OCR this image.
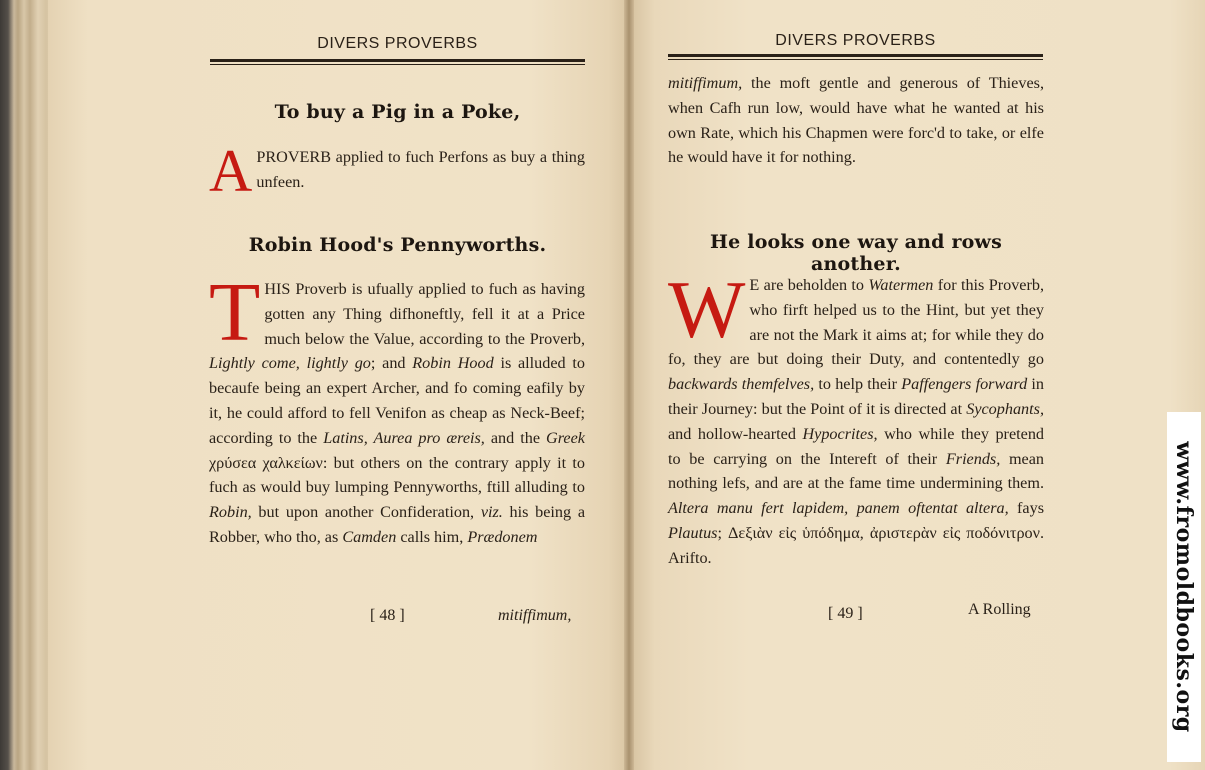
DIVERS PROVERBS
To buy a Pig in a Poke,
A PROVERB applied to fuch Perfons as buy a thing unfeen.
Robin Hood's Pennyworths.
T HIS Proverb is ufually applied to fuch as having gotten any Thing difhoneftly, fell it at a Price much below the Value, according to the Proverb, Lightly come, lightly go; and Robin Hood is alluded to becaufe being an expert Archer, and fo coming eafily by it, he could afford to fell Venifon as cheap as Neck-Beef; according to the Latins, Aurea pro æreis, and the Greek χρύσεα χαλκείων: but others on the contrary apply it to fuch as would buy lumping Pennyworths, ftill alluding to Robin, but upon another Confideration, viz. his being a Robber, who tho, as Camden calls him, Prædonem
[ 48 ]	mitiffimum,
DIVERS PROVERBS
mitiffimum, the moft gentle and generous of Thieves, when Cafh run low, would have what he wanted at his own Rate, which his Chapmen were forc'd to take, or elfe he would have it for nothing.
He looks one way and rows another.
W E are beholden to Watermen for this Proverb, who firft helped us to the Hint, but yet they are not the Mark it aims at; for while they do fo, they are but doing their Duty, and contentedly go backwards themfelves, to help their Paffengers forward in their Journey: but the Point of it is directed at Sycophants, and hollow-hearted Hypocrites, who while they pretend to be carrying on the Intereft of their Friends, mean nothing lefs, and are at the fame time undermining them. Altera manu fert lapidem, panem oftentat altera, fays Plautus; Δεξιὰν εἰς ὑπόδημα, ἀριστερὰν εἰς ποδόνιτρον. Arifto.
[ 49 ]	A Rolling	www.fromoldbooks.org
